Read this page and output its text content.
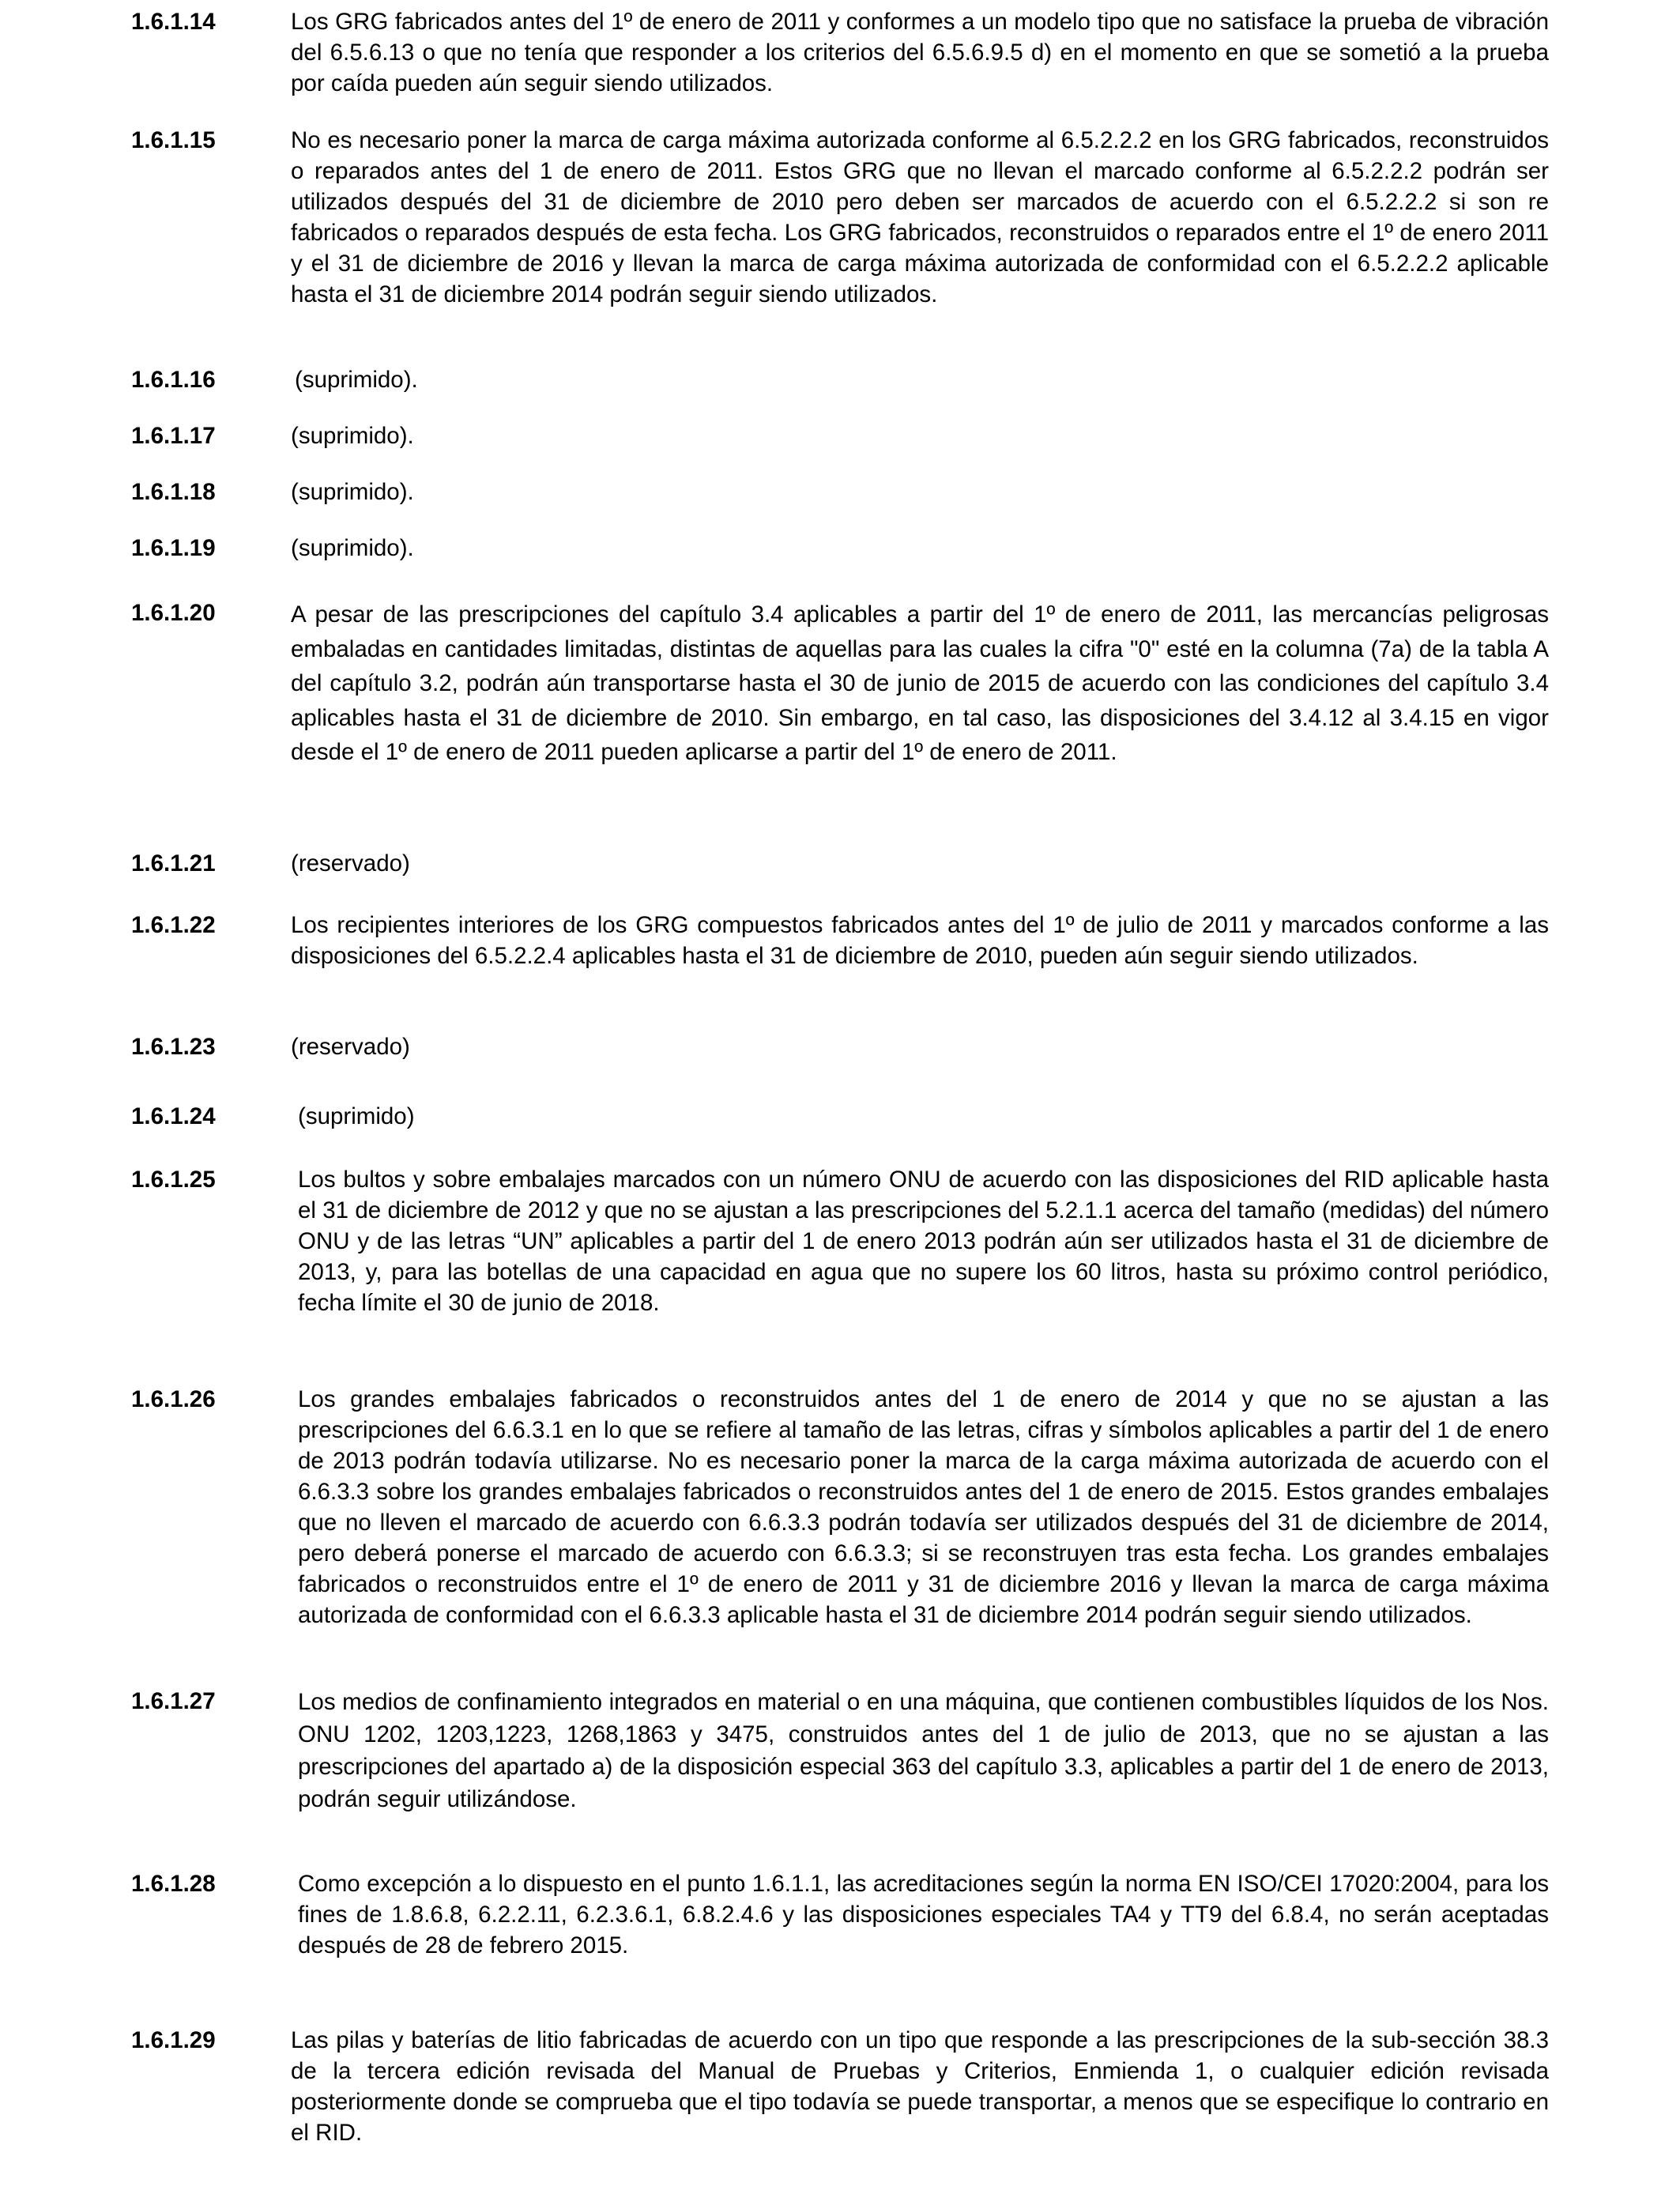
1.6.1.14	Los GRG fabricados antes del 1º de enero de 2011 y conformes a un modelo tipo que no satisface la prueba de vibración del 6.5.6.13 o que no tenía que responder a los criterios del 6.5.6.9.5 d) en el momento en que se sometió a la prueba por caída pueden aún seguir siendo utilizados.

1.6.1.15	No es necesario poner la marca de carga máxima autorizada conforme al 6.5.2.2.2 en los GRG fabricados, reconstruidos o reparados antes del 1 de enero de 2011. Estos GRG que no llevan el marcado conforme al 6.5.2.2.2 podrán ser utilizados después del 31 de diciembre de 2010 pero deben ser marcados de acuerdo con el 6.5.2.2.2 si son re fabricados o reparados después de esta fecha. Los GRG fabricados, reconstruidos o reparados entre el 1º de enero 2011 y el 31 de diciembre de 2016 y llevan la marca de carga máxima autorizada de conformidad con el 6.5.2.2.2 aplicable hasta el 31 de diciembre 2014 podrán seguir siendo utilizados.

1.6.1.16	(suprimido).

1.6.1.17	(suprimido).

1.6.1.18	(suprimido).

1.6.1.19	(suprimido).

1.6.1.20	A pesar de las prescripciones del capítulo 3.4 aplicables a partir del 1º de enero de 2011, las mercancías peligrosas embaladas en cantidades limitadas, distintas de aquellas para las cuales la cifra "0" esté en la columna (7a) de la tabla A del capítulo 3.2, podrán aún transportarse hasta el 30 de junio de 2015 de acuerdo con las condiciones del capítulo 3.4 aplicables hasta el 31 de diciembre de 2010. Sin embargo, en tal caso, las disposiciones del 3.4.12 al 3.4.15 en vigor desde el 1º de enero de 2011 pueden aplicarse a partir del 1º de enero de 2011.

1.6.1.21	(reservado)

1.6.1.22	Los recipientes interiores de los GRG compuestos fabricados antes del 1º de julio de 2011 y marcados conforme a las disposiciones del 6.5.2.2.4 aplicables hasta el 31 de diciembre de 2010, pueden aún seguir siendo utilizados.

1.6.1.23	(reservado)

1.6.1.24	(suprimido)

1.6.1.25	Los bultos y sobre embalajes marcados con un número ONU de acuerdo con las disposiciones del RID aplicable hasta el 31 de diciembre de 2012 y que no se ajustan a las prescripciones del 5.2.1.1 acerca del tamaño (medidas) del número ONU y de las letras “UN” aplicables a partir del 1 de enero 2013 podrán aún ser utilizados hasta el 31 de diciembre de 2013, y, para las botellas de una capacidad en agua que no supere los 60 litros, hasta su próximo control periódico, fecha límite el 30 de junio de 2018.

1.6.1.26	Los grandes embalajes fabricados o reconstruidos antes del 1 de enero de 2014 y que no se ajustan a las prescripciones del 6.6.3.1 en lo que se refiere al tamaño de las letras, cifras y símbolos aplicables a partir del 1 de enero de 2013 podrán todavía utilizarse. No es necesario poner la marca de la carga máxima autorizada de acuerdo con el 6.6.3.3 sobre los grandes embalajes fabricados o reconstruidos antes del 1 de enero de 2015. Estos grandes embalajes que no lleven el marcado de acuerdo con 6.6.3.3 podrán todavía ser utilizados después del 31 de diciembre de 2014, pero deberá ponerse el marcado de acuerdo con 6.6.3.3; si se reconstruyen tras esta fecha. Los grandes embalajes fabricados o reconstruidos entre el 1º de enero de 2011 y 31 de diciembre 2016 y llevan la marca de carga máxima autorizada de conformidad con el 6.6.3.3 aplicable hasta el 31 de diciembre 2014 podrán seguir siendo utilizados.

1.6.1.27	Los medios de confinamiento integrados en material o en una máquina, que contienen combustibles líquidos de los Nos. ONU 1202, 1203,1223, 1268,1863 y 3475, construidos antes del 1 de julio de 2013, que no se ajustan a las prescripciones del apartado a) de la disposición especial 363 del capítulo 3.3, aplicables a partir del 1 de enero de 2013, podrán seguir utilizándose.

1.6.1.28	Como excepción a lo dispuesto en el punto 1.6.1.1, las acreditaciones según la norma EN ISO/CEI 17020:2004, para los fines de 1.8.6.8, 6.2.2.11, 6.2.3.6.1, 6.8.2.4.6 y las disposiciones especiales TA4 y TT9 del 6.8.4, no serán aceptadas después de 28 de febrero 2015.

1.6.1.29	Las pilas y baterías de litio fabricadas de acuerdo con un tipo que responde a las prescripciones de la sub-sección 38.3 de la tercera edición revisada del Manual de Pruebas y Criterios, Enmienda 1, o cualquier edición revisada posteriormente donde se comprueba que el tipo todavía se puede transportar, a menos que se especifique lo contrario en el RID.
